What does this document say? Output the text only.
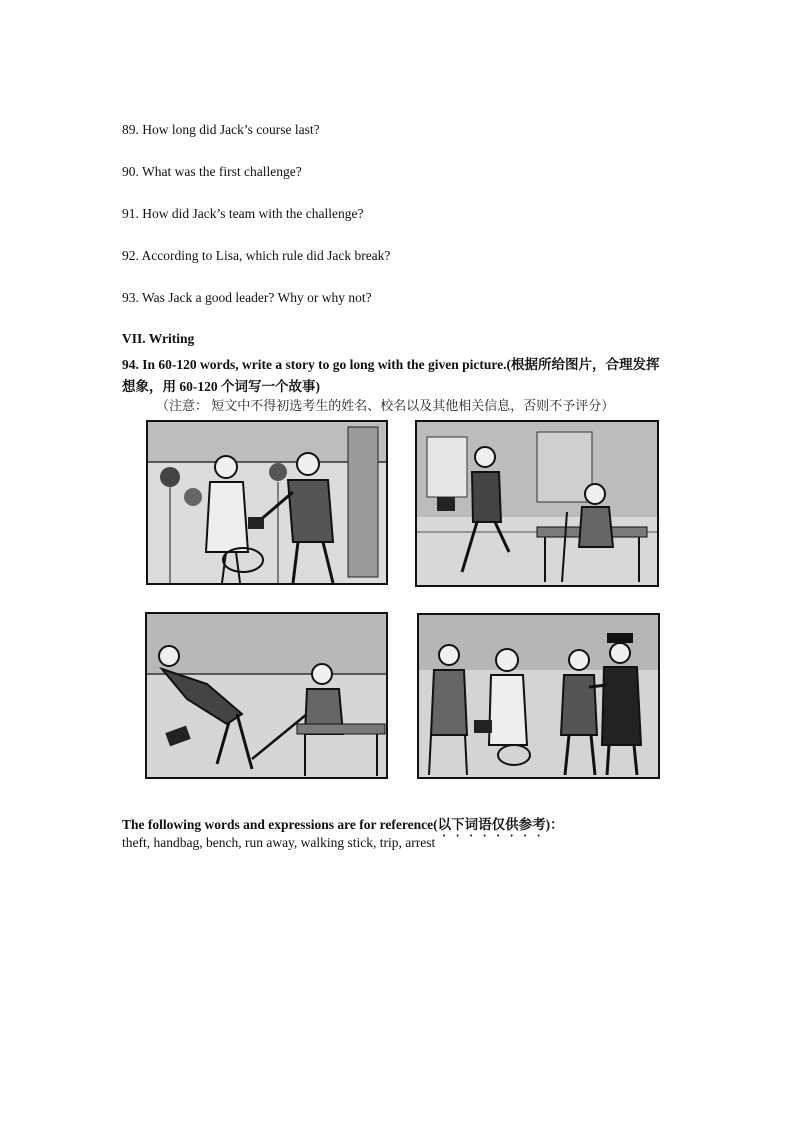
89. How long did Jack’s course last?
90. What was the first challenge?
91. How did Jack’s team with the challenge?
92. According to Lisa, which rule did Jack break?
93. Was Jack a good leader? Why or why not?
VII. Writing
94. In 60-120 words, write a story to go long with the given picture.(根据所给图片，合理发挥
想象，用 60-120 个词写一个故事)
（注意： 短文中不得初选考生的姓名、校名以及其他相关信息，否则不予评分）
The following words and expressions are for reference(以下词语仅供参考)：
theft, handbag, bench, run away, walking stick, trip, arrest
